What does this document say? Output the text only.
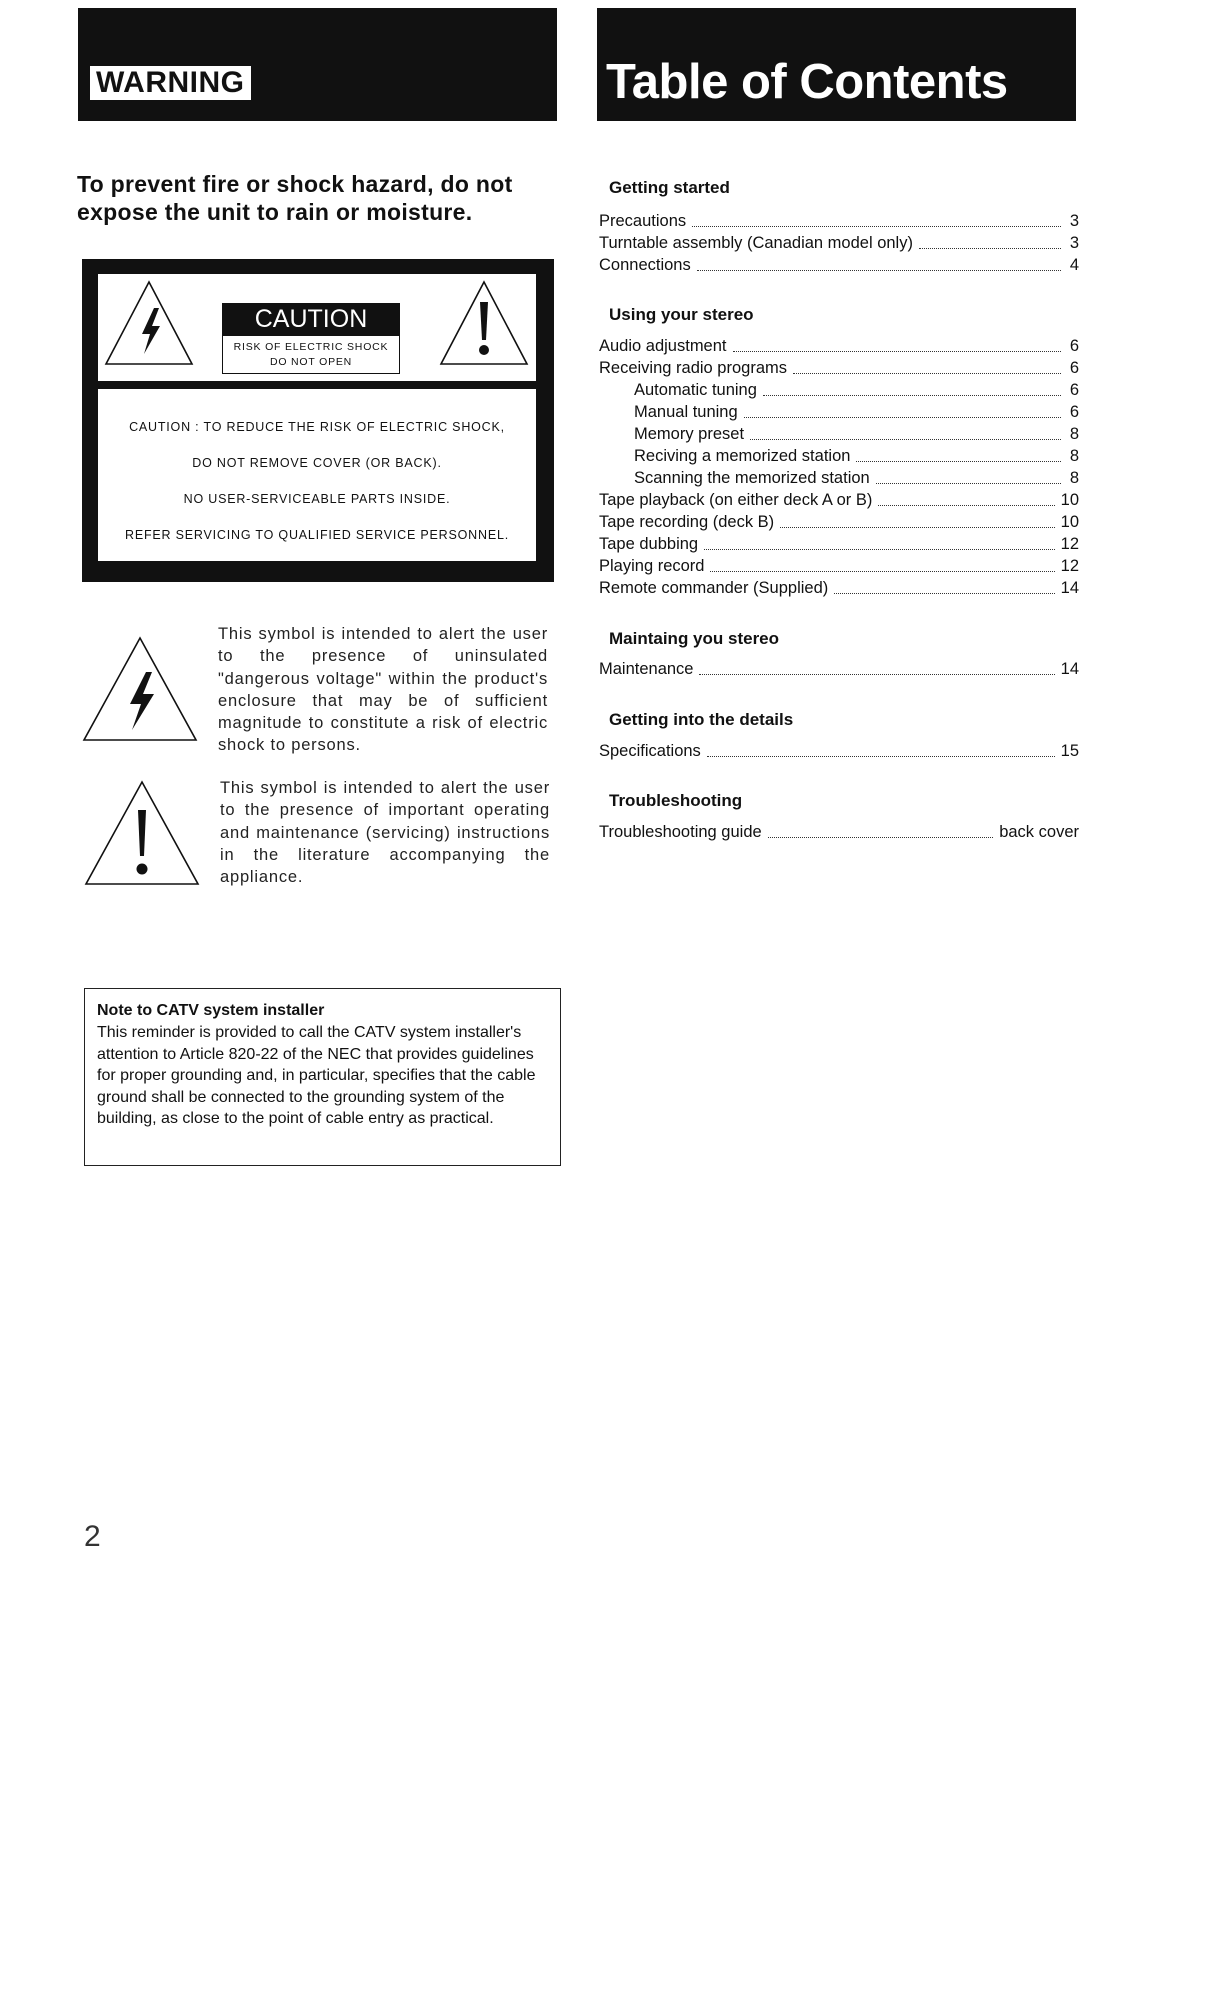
WARNING	Table of Contents
To prevent fire or shock hazard, do not expose the unit to rain or moisture.
CAUTION
RISK OF ELECTRIC SHOCK
DO NOT OPEN
CAUTION : TO REDUCE THE RISK OF ELECTRIC SHOCK,
DO NOT REMOVE COVER (OR BACK).
NO USER-SERVICEABLE PARTS INSIDE.
REFER SERVICING TO QUALIFIED SERVICE PERSONNEL.
This symbol is intended to alert the user to the presence of uninsulated "dangerous voltage" within the product's enclosure that may be of sufficient magnitude to constitute a risk of electric shock to persons.
This symbol is intended to alert the user to the presence of important operating and maintenance (servicing) instructions in the literature accompanying the appliance.
Note to CATV system installer
This reminder is provided to call the CATV system installer's attention to Article 820-22 of the NEC that provides guidelines for proper grounding and, in particular, specifies that the cable ground shall be connected to the grounding system of the building, as close to the point of cable entry as practical.
2
Getting started
Precautions	3
Turntable assembly (Canadian model only)	3
Connections	4
Using your stereo
Audio adjustment	6
Receiving radio programs	6
Automatic tuning	6
Manual tuning	6
Memory preset	8
Reciving a memorized station	8
Scanning the memorized station	8
Tape playback (on either deck A or B)	10
Tape recording (deck B)	10
Tape dubbing	12
Playing record	12
Remote commander (Supplied)	14
Maintaing you stereo
Maintenance	14
Getting into the details
Specifications	15
Troubleshooting
Troubleshooting guide	back cover
